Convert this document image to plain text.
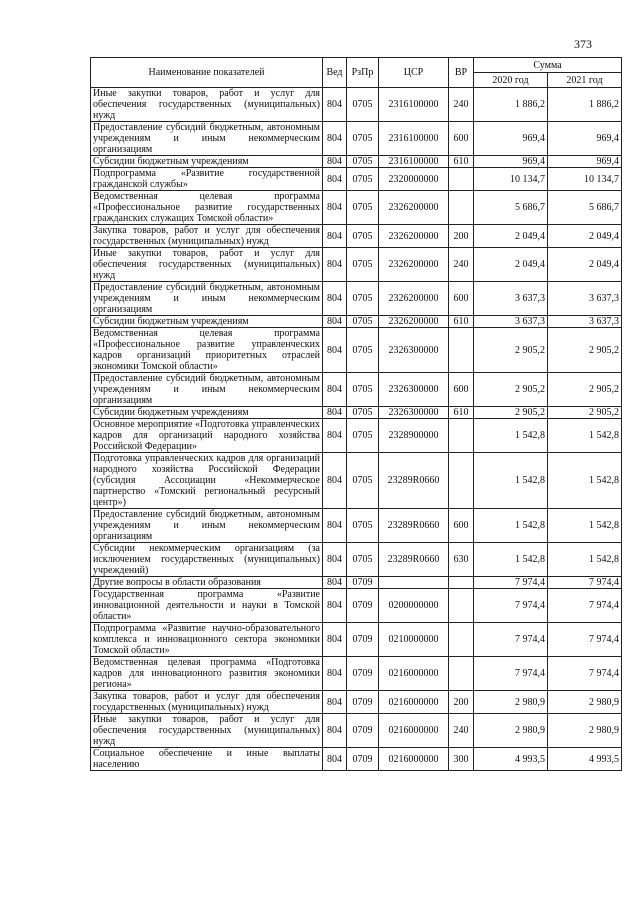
373
Наименование показателей	Вед	РзПр	ЦСР	ВР	Сумма	
					2020 год	2021 год
Иные закупки товаров, работ и услуг для обеспечения государственных (муниципальных) нужд	804	0705	2316100000	240	1 886,2	1 886,2
Предоставление субсидий бюджетным, автономным учреждениям и иным некоммерческим организациям	804	0705	2316100000	600	969,4	969,4
Субсидии бюджетным учреждениям	804	0705	2316100000	610	969,4	969,4
Подпрограмма «Развитие государственной гражданской службы»	804	0705	2320000000		10 134,7	10 134,7
Ведомственная целевая программа «Профессиональное развитие государственных гражданских служащих Томской области»	804	0705	2326200000		5 686,7	5 686,7
Закупка товаров, работ и услуг для обеспечения государственных (муниципальных) нужд	804	0705	2326200000	200	2 049,4	2 049,4
Иные закупки товаров, работ и услуг для обеспечения государственных (муниципальных) нужд	804	0705	2326200000	240	2 049,4	2 049,4
Предоставление субсидий бюджетным, автономным учреждениям и иным некоммерческим организациям	804	0705	2326200000	600	3 637,3	3 637,3
Субсидии бюджетным учреждениям	804	0705	2326200000	610	3 637,3	3 637,3
Ведомственная целевая программа «Профессиональное развитие управленческих кадров организаций приоритетных отраслей экономики Томской области»	804	0705	2326300000		2 905,2	2 905,2
Предоставление субсидий бюджетным, автономным учреждениям и иным некоммерческим организациям	804	0705	2326300000	600	2 905,2	2 905,2
Субсидии бюджетным учреждениям	804	0705	2326300000	610	2 905,2	2 905,2
Основное мероприятие «Подготовка управленческих кадров для организаций народного хозяйства Российской Федерации»	804	0705	2328900000		1 542,8	1 542,8
Подготовка управленческих кадров для организаций народного хозяйства Российской Федерации (субсидия Ассоциации «Некоммерческое партнерство «Томский региональный ресурсный центр»)	804	0705	23289R0660		1 542,8	1 542,8
Предоставление субсидий бюджетным, автономным учреждениям и иным некоммерческим организациям	804	0705	23289R0660	600	1 542,8	1 542,8
Субсидии некоммерческим организациям (за исключением государственных (муниципальных) учреждений)	804	0705	23289R0660	630	1 542,8	1 542,8
Другие вопросы в области образования	804	0709			7 974,4	7 974,4
Государственная программа «Развитие инновационной деятельности и науки в Томской области»	804	0709	0200000000		7 974,4	7 974,4
Подпрограмма «Развитие научно-образовательного комплекса и инновационного сектора экономики Томской области»	804	0709	0210000000		7 974,4	7 974,4
Ведомственная целевая программа «Подготовка кадров для инновационного развития экономики региона»	804	0709	0216000000		7 974,4	7 974,4
Закупка товаров, работ и услуг для обеспечения государственных (муниципальных) нужд	804	0709	0216000000	200	2 980,9	2 980,9
Иные закупки товаров, работ и услуг для обеспечения государственных (муниципальных) нужд	804	0709	0216000000	240	2 980,9	2 980,9
Социальное обеспечение и иные выплаты населению	804	0709	0216000000	300	4 993,5	4 993,5
